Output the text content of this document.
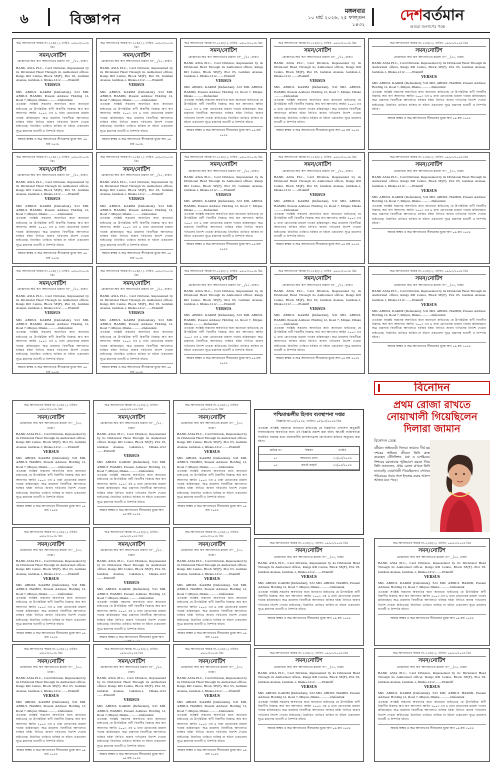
৬	বিজ্ঞাপন
মঙ্গলবার
১০ মার্চ ২০২৬, ২৫ ফাল্গুন ১৪৩২
দেশবর্তমান
আমরা জনগণের পক্ষে
অত্র আদালতের স্মারক নং-২৫৪/(১), তারিখ: ০৯/০৩/২০২৬ খ্রিঃ
সমন/নোটিশ
মোকাদ্দমা অর্থ ঋণ আদালতের মামলা নং-__/২৫, ঢাকা।
BANK ASIA PLC., Card Division, Represented by its Divisional Head Through its Authorized officer, Rangs RD Centre, Block SE(F), Plot 03, Gulshan Avenue, Gulshan-1, Dhaka-1212 ........Plaintiff
VERSUS
MD. ABDUL KARIM (Defendant), S/O MD. ABDUL HAMID, Present Address: Holding 12, Road 7, Mirpur, Dhaka ............Defendant
এতদ্বারা সংশ্লিষ্ট সকলের অবগতির জন্য জানানো যাইতেছে যে উপরিউক্ত বাদী বিবাদীর বিরুদ্ধে অর্থ ঋণ আদালত আইন ২০০৩ এর ৬ ধারা মোতাবেক মামলা দায়ের করিয়াছেন। অত্র মামলায় বিবাদীকে আদালতে হাজির হইয়া লিখিত জবাব দাখিলের নির্দেশ দেওয়া যাইতেছে। নির্ধারিত তারিখে হাজির না হইলে একতরফা সূত্রে মামলার শুনানী ও নিষ্পত্তি হইবে।
আমার স্বাক্ষর ও অত্র আদালতের সীলমোহর যুক্তে অদ্য ০৯ মার্চ ২০২৬
অত্র আদালতের স্মারক নং-২৫৪/(১), তারিখ: ০৯/০৩/২০২৬ খ্রিঃ
সমন/নোটিশ
মোকাদ্দমা অর্থ ঋণ আদালতের মামলা নং-__/২৫, ঢাকা।
BANK ASIA PLC., Card Division, Represented by its Divisional Head Through its Authorized officer, Rangs RD Centre, Block SE(F), Plot 03, Gulshan Avenue, Gulshan-1, Dhaka-1212 ........Plaintiff
VERSUS
MD. ABDUL KARIM (Defendant), S/O MD. ABDUL HAMID, Present Address: Holding 12, Road 7, Mirpur, Dhaka ............Defendant
এতদ্বারা সংশ্লিষ্ট সকলের অবগতির জন্য জানানো যাইতেছে যে উপরিউক্ত বাদী বিবাদীর বিরুদ্ধে অর্থ ঋণ আদালত আইন ২০০৩ এর ৬ ধারা মোতাবেক মামলা দায়ের করিয়াছেন। অত্র মামলায় বিবাদীকে আদালতে হাজির হইয়া লিখিত জবাব দাখিলের নির্দেশ দেওয়া যাইতেছে। নির্ধারিত তারিখে হাজির না হইলে একতরফা সূত্রে মামলার শুনানী ও নিষ্পত্তি হইবে।
আমার স্বাক্ষর ও অত্র আদালতের সীলমোহর যুক্তে অদ্য ০৯ মার্চ ২০২৬
অত্র আদালতের স্মারক নং-২৫৪/(১), তারিখ: ০৯/০৩/২০২৬ খ্রিঃ
সমন/নোটিশ
মোকাদ্দমা অর্থ ঋণ আদালতের মামলা নং-__/২৫, ঢাকা।
BANK ASIA PLC., Card Division, Represented by its Divisional Head Through its Authorized officer, Rangs RD Centre, Block SE(F), Plot 03, Gulshan Avenue, Gulshan-1, Dhaka-1212 ........Plaintiff
VERSUS
MD. ABDUL KARIM (Defendant), S/O MD. ABDUL HAMID, Present Address: Holding 12, Road 7, Mirpur, Dhaka ............Defendant
এতদ্বারা সংশ্লিষ্ট সকলের অবগতির জন্য জানানো যাইতেছে যে উপরিউক্ত বাদী বিবাদীর বিরুদ্ধে অর্থ ঋণ আদালত আইন ২০০৩ এর ৬ ধারা মোতাবেক মামলা দায়ের করিয়াছেন। অত্র মামলায় বিবাদীকে আদালতে হাজির হইয়া লিখিত জবাব দাখিলের নির্দেশ দেওয়া যাইতেছে। নির্ধারিত তারিখে হাজির না হইলে একতরফা সূত্রে মামলার শুনানী ও নিষ্পত্তি হইবে।
আমার স্বাক্ষর ও অত্র আদালতের সীলমোহর যুক্তে অদ্য ০৯ মার্চ ২০২৬
অত্র আদালতের স্মারক নং-২৫৪/(১), তারিখ: ০৯/০৩/২০২৬ খ্রিঃ
সমন/নোটিশ
মোকাদ্দমা অর্থ ঋণ আদালতের মামলা নং-__/২৫, ঢাকা।
BANK ASIA PLC., Card Division, Represented by its Divisional Head Through its Authorized officer, Rangs RD Centre, Block SE(F), Plot 03, Gulshan Avenue, Gulshan-1, Dhaka-1212 ........Plaintiff
VERSUS
MD. ABDUL KARIM (Defendant), S/O MD. ABDUL HAMID, Present Address: Holding 12, Road 7, Mirpur, Dhaka ............Defendant
এতদ্বারা সংশ্লিষ্ট সকলের অবগতির জন্য জানানো যাইতেছে যে উপরিউক্ত বাদী বিবাদীর বিরুদ্ধে অর্থ ঋণ আদালত আইন ২০০৩ এর ৬ ধারা মোতাবেক মামলা দায়ের করিয়াছেন। অত্র মামলায় বিবাদীকে আদালতে হাজির হইয়া লিখিত জবাব দাখিলের নির্দেশ দেওয়া যাইতেছে। নির্ধারিত তারিখে হাজির না হইলে একতরফা সূত্রে মামলার শুনানী ও নিষ্পত্তি হইবে।
আমার স্বাক্ষর ও অত্র আদালতের সীলমোহর যুক্তে অদ্য ০৯ মার্চ ২০২৬
অত্র আদালতের স্মারক নং-২৫৪/(১), তারিখ: ০৯/০৩/২০২৬ খ্রিঃ
সমন/নোটিশ
মোকাদ্দমা অর্থ ঋণ আদালতের মামলা নং-__/২৫, ঢাকা।
BANK ASIA PLC., Card Division, Represented by its Divisional Head Through its Authorized officer, Rangs RD Centre, Block SE(F), Plot 03, Gulshan Avenue, Gulshan-1, Dhaka-1212 ........Plaintiff
VERSUS
MD. ABDUL KARIM (Defendant), S/O MD. ABDUL HAMID, Present Address: Holding 12, Road 7, Mirpur, Dhaka ............Defendant
এতদ্বারা সংশ্লিষ্ট সকলের অবগতির জন্য জানানো যাইতেছে যে উপরিউক্ত বাদী বিবাদীর বিরুদ্ধে অর্থ ঋণ আদালত আইন ২০০৩ এর ৬ ধারা মোতাবেক মামলা দায়ের করিয়াছেন। অত্র মামলায় বিবাদীকে আদালতে হাজির হইয়া লিখিত জবাব দাখিলের নির্দেশ দেওয়া যাইতেছে। নির্ধারিত তারিখে হাজির না হইলে একতরফা সূত্রে মামলার শুনানী ও নিষ্পত্তি হইবে।
আমার স্বাক্ষর ও অত্র আদালতের সীলমোহর যুক্তে অদ্য ০৯ মার্চ ২০২৬
অত্র আদালতের স্মারক নং-২৫৪/(১), তারিখ: ০৯/০৩/২০২৬ খ্রিঃ
সমন/নোটিশ
মোকাদ্দমা অর্থ ঋণ আদালতের মামলা নং-__/২৫, ঢাকা।
BANK ASIA PLC., Card Division, Represented by its Divisional Head Through its Authorized officer, Rangs RD Centre, Block SE(F), Plot 03, Gulshan Avenue, Gulshan-1, Dhaka-1212 ........Plaintiff
VERSUS
MD. ABDUL KARIM (Defendant), S/O MD. ABDUL HAMID, Present Address: Holding 12, Road 7, Mirpur, Dhaka ............Defendant
এতদ্বারা সংশ্লিষ্ট সকলের অবগতির জন্য জানানো যাইতেছে যে উপরিউক্ত বাদী বিবাদীর বিরুদ্ধে অর্থ ঋণ আদালত আইন ২০০৩ এর ৬ ধারা মোতাবেক মামলা দায়ের করিয়াছেন। অত্র মামলায় বিবাদীকে আদালতে হাজির হইয়া লিখিত জবাব দাখিলের নির্দেশ দেওয়া যাইতেছে। নির্ধারিত তারিখে হাজির না হইলে একতরফা সূত্রে মামলার শুনানী ও নিষ্পত্তি হইবে।
আমার স্বাক্ষর ও অত্র আদালতের সীলমোহর যুক্তে অদ্য ০৯ মার্চ ২০২৬
অত্র আদালতের স্মারক নং-২৫৪/(১), তারিখ: ০৯/০৩/২০২৬ খ্রিঃ
সমন/নোটিশ
মোকাদ্দমা অর্থ ঋণ আদালতের মামলা নং-__/২৫, ঢাকা।
BANK ASIA PLC., Card Division, Represented by its Divisional Head Through its Authorized officer, Rangs RD Centre, Block SE(F), Plot 03, Gulshan Avenue, Gulshan-1, Dhaka-1212 ........Plaintiff
VERSUS
MD. ABDUL KARIM (Defendant), S/O MD. ABDUL HAMID, Present Address: Holding 12, Road 7, Mirpur, Dhaka ............Defendant
এতদ্বারা সংশ্লিষ্ট সকলের অবগতির জন্য জানানো যাইতেছে যে উপরিউক্ত বাদী বিবাদীর বিরুদ্ধে অর্থ ঋণ আদালত আইন ২০০৩ এর ৬ ধারা মোতাবেক মামলা দায়ের করিয়াছেন। অত্র মামলায় বিবাদীকে আদালতে হাজির হইয়া লিখিত জবাব দাখিলের নির্দেশ দেওয়া যাইতেছে। নির্ধারিত তারিখে হাজির না হইলে একতরফা সূত্রে মামলার শুনানী ও নিষ্পত্তি হইবে।
আমার স্বাক্ষর ও অত্র আদালতের সীলমোহর যুক্তে অদ্য ০৯ মার্চ ২০২৬
অত্র আদালতের স্মারক নং-২৫৪/(১), তারিখ: ০৯/০৩/২০২৬ খ্রিঃ
সমন/নোটিশ
মোকাদ্দমা অর্থ ঋণ আদালতের মামলা নং-__/২৫, ঢাকা।
BANK ASIA PLC., Card Division, Represented by its Divisional Head Through its Authorized officer, Rangs RD Centre, Block SE(F), Plot 03, Gulshan Avenue, Gulshan-1, Dhaka-1212 ........Plaintiff
VERSUS
MD. ABDUL KARIM (Defendant), S/O MD. ABDUL HAMID, Present Address: Holding 12, Road 7, Mirpur, Dhaka ............Defendant
এতদ্বারা সংশ্লিষ্ট সকলের অবগতির জন্য জানানো যাইতেছে যে উপরিউক্ত বাদী বিবাদীর বিরুদ্ধে অর্থ ঋণ আদালত আইন ২০০৩ এর ৬ ধারা মোতাবেক মামলা দায়ের করিয়াছেন। অত্র মামলায় বিবাদীকে আদালতে হাজির হইয়া লিখিত জবাব দাখিলের নির্দেশ দেওয়া যাইতেছে। নির্ধারিত তারিখে হাজির না হইলে একতরফা সূত্রে মামলার শুনানী ও নিষ্পত্তি হইবে।
আমার স্বাক্ষর ও অত্র আদালতের সীলমোহর যুক্তে অদ্য ০৯ মার্চ ২০২৬
অত্র আদালতের স্মারক নং-২৫৪/(১), তারিখ: ০৯/০৩/২০২৬ খ্রিঃ
সমন/নোটিশ
মোকাদ্দমা অর্থ ঋণ আদালতের মামলা নং-__/২৫, ঢাকা।
BANK ASIA PLC., Card Division, Represented by its Divisional Head Through its Authorized officer, Rangs RD Centre, Block SE(F), Plot 03, Gulshan Avenue, Gulshan-1, Dhaka-1212 ........Plaintiff
VERSUS
MD. ABDUL KARIM (Defendant), S/O MD. ABDUL HAMID, Present Address: Holding 12, Road 7, Mirpur, Dhaka ............Defendant
এতদ্বারা সংশ্লিষ্ট সকলের অবগতির জন্য জানানো যাইতেছে যে উপরিউক্ত বাদী বিবাদীর বিরুদ্ধে অর্থ ঋণ আদালত আইন ২০০৩ এর ৬ ধারা মোতাবেক মামলা দায়ের করিয়াছেন। অত্র মামলায় বিবাদীকে আদালতে হাজির হইয়া লিখিত জবাব দাখিলের নির্দেশ দেওয়া যাইতেছে। নির্ধারিত তারিখে হাজির না হইলে একতরফা সূত্রে মামলার শুনানী ও নিষ্পত্তি হইবে।
আমার স্বাক্ষর ও অত্র আদালতের সীলমোহর যুক্তে অদ্য ০৯ মার্চ ২০২৬
অত্র আদালতের স্মারক নং-২৫৪/(১), তারিখ: ০৯/০৩/২০২৬ খ্রিঃ
সমন/নোটিশ
মোকাদ্দমা অর্থ ঋণ আদালতের মামলা নং-__/২৫, ঢাকা।
BANK ASIA PLC., Card Division, Represented by its Divisional Head Through its Authorized officer, Rangs RD Centre, Block SE(F), Plot 03, Gulshan Avenue, Gulshan-1, Dhaka-1212 ........Plaintiff
VERSUS
MD. ABDUL KARIM (Defendant), S/O MD. ABDUL HAMID, Present Address: Holding 12, Road 7, Mirpur, Dhaka ............Defendant
এতদ্বারা সংশ্লিষ্ট সকলের অবগতির জন্য জানানো যাইতেছে যে উপরিউক্ত বাদী বিবাদীর বিরুদ্ধে অর্থ ঋণ আদালত আইন ২০০৩ এর ৬ ধারা মোতাবেক মামলা দায়ের করিয়াছেন। অত্র মামলায় বিবাদীকে আদালতে হাজির হইয়া লিখিত জবাব দাখিলের নির্দেশ দেওয়া যাইতেছে। নির্ধারিত তারিখে হাজির না হইলে একতরফা সূত্রে মামলার শুনানী ও নিষ্পত্তি হইবে।
আমার স্বাক্ষর ও অত্র আদালতের সীলমোহর যুক্তে অদ্য ০৯ মার্চ ২০২৬
অত্র আদালতের স্মারক নং-২৫৪/(১), তারিখ: ০৯/০৩/২০২৬ খ্রিঃ
সমন/নোটিশ
মোকাদ্দমা অর্থ ঋণ আদালতের মামলা নং-__/২৫, ঢাকা।
BANK ASIA PLC., Card Division, Represented by its Divisional Head Through its Authorized officer, Rangs RD Centre, Block SE(F), Plot 03, Gulshan Avenue, Gulshan-1, Dhaka-1212 ........Plaintiff
VERSUS
MD. ABDUL KARIM (Defendant), S/O MD. ABDUL HAMID, Present Address: Holding 12, Road 7, Mirpur, Dhaka ............Defendant
এতদ্বারা সংশ্লিষ্ট সকলের অবগতির জন্য জানানো যাইতেছে যে উপরিউক্ত বাদী বিবাদীর বিরুদ্ধে অর্থ ঋণ আদালত আইন ২০০৩ এর ৬ ধারা মোতাবেক মামলা দায়ের করিয়াছেন। অত্র মামলায় বিবাদীকে আদালতে হাজির হইয়া লিখিত জবাব দাখিলের নির্দেশ দেওয়া যাইতেছে। নির্ধারিত তারিখে হাজির না হইলে একতরফা সূত্রে মামলার শুনানী ও নিষ্পত্তি হইবে।
আমার স্বাক্ষর ও অত্র আদালতের সীলমোহর যুক্তে অদ্য ০৯ মার্চ ২০২৬
অত্র আদালতের স্মারক নং-২৫৪/(১), তারিখ: ০৯/০৩/২০২৬ খ্রিঃ
সমন/নোটিশ
মোকাদ্দমা অর্থ ঋণ আদালতের মামলা নং-__/২৫, ঢাকা।
BANK ASIA PLC., Card Division, Represented by its Divisional Head Through its Authorized officer, Rangs RD Centre, Block SE(F), Plot 03, Gulshan Avenue, Gulshan-1, Dhaka-1212 ........Plaintiff
VERSUS
MD. ABDUL KARIM (Defendant), S/O MD. ABDUL HAMID, Present Address: Holding 12, Road 7, Mirpur, Dhaka ............Defendant
এতদ্বারা সংশ্লিষ্ট সকলের অবগতির জন্য জানানো যাইতেছে যে উপরিউক্ত বাদী বিবাদীর বিরুদ্ধে অর্থ ঋণ আদালত আইন ২০০৩ এর ৬ ধারা মোতাবেক মামলা দায়ের করিয়াছেন। অত্র মামলায় বিবাদীকে আদালতে হাজির হইয়া লিখিত জবাব দাখিলের নির্দেশ দেওয়া যাইতেছে। নির্ধারিত তারিখে হাজির না হইলে একতরফা সূত্রে মামলার শুনানী ও নিষ্পত্তি হইবে।
আমার স্বাক্ষর ও অত্র আদালতের সীলমোহর যুক্তে অদ্য ০৯ মার্চ ২০২৬
অত্র আদালতের স্মারক নং-২৫৪/(১), তারিখ: ০৯/০৩/২০২৬ খ্রিঃ
সমন/নোটিশ
মোকাদ্দমা অর্থ ঋণ আদালতের মামলা নং-__/২৫, ঢাকা।
BANK ASIA PLC., Card Division, Represented by its Divisional Head Through its Authorized officer, Rangs RD Centre, Block SE(F), Plot 03, Gulshan Avenue, Gulshan-1, Dhaka-1212 ........Plaintiff
VERSUS
MD. ABDUL KARIM (Defendant), S/O MD. ABDUL HAMID, Present Address: Holding 12, Road 7, Mirpur, Dhaka ............Defendant
এতদ্বারা সংশ্লিষ্ট সকলের অবগতির জন্য জানানো যাইতেছে যে উপরিউক্ত বাদী বিবাদীর বিরুদ্ধে অর্থ ঋণ আদালত আইন ২০০৩ এর ৬ ধারা মোতাবেক মামলা দায়ের করিয়াছেন। অত্র মামলায় বিবাদীকে আদালতে হাজির হইয়া লিখিত জবাব দাখিলের নির্দেশ দেওয়া যাইতেছে। নির্ধারিত তারিখে হাজির না হইলে একতরফা সূত্রে মামলার শুনানী ও নিষ্পত্তি হইবে।
আমার স্বাক্ষর ও অত্র আদালতের সীলমোহর যুক্তে অদ্য ০৯ মার্চ ২০২৬
অত্র আদালতের স্মারক নং-২৫৪/(১), তারিখ: ০৯/০৩/২০২৬ খ্রিঃ
সমন/নোটিশ
মোকাদ্দমা অর্থ ঋণ আদালতের মামলা নং-__/২৫, ঢাকা।
BANK ASIA PLC., Card Division, Represented by its Divisional Head Through its Authorized officer, Rangs RD Centre, Block SE(F), Plot 03, Gulshan Avenue, Gulshan-1, Dhaka-1212 ........Plaintiff
VERSUS
MD. ABDUL KARIM (Defendant), S/O MD. ABDUL HAMID, Present Address: Holding 12, Road 7, Mirpur, Dhaka ............Defendant
এতদ্বারা সংশ্লিষ্ট সকলের অবগতির জন্য জানানো যাইতেছে যে উপরিউক্ত বাদী বিবাদীর বিরুদ্ধে অর্থ ঋণ আদালত আইন ২০০৩ এর ৬ ধারা মোতাবেক মামলা দায়ের করিয়াছেন। অত্র মামলায় বিবাদীকে আদালতে হাজির হইয়া লিখিত জবাব দাখিলের নির্দেশ দেওয়া যাইতেছে। নির্ধারিত তারিখে হাজির না হইলে একতরফা সূত্রে মামলার শুনানী ও নিষ্পত্তি হইবে।
আমার স্বাক্ষর ও অত্র আদালতের সীলমোহর যুক্তে অদ্য ০৯ মার্চ ২০২৬
অত্র আদালতের স্মারক নং-২৫৪/(১), তারিখ: ০৯/০৩/২০২৬ খ্রিঃ
সমন/নোটিশ
মোকাদ্দমা অর্থ ঋণ আদালতের মামলা নং-__/২৫, ঢাকা।
BANK ASIA PLC., Card Division, Represented by its Divisional Head Through its Authorized officer, Rangs RD Centre, Block SE(F), Plot 03, Gulshan Avenue, Gulshan-1, Dhaka-1212 ........Plaintiff
VERSUS
MD. ABDUL KARIM (Defendant), S/O MD. ABDUL HAMID, Present Address: Holding 12, Road 7, Mirpur, Dhaka ............Defendant
এতদ্বারা সংশ্লিষ্ট সকলের অবগতির জন্য জানানো যাইতেছে যে উপরিউক্ত বাদী বিবাদীর বিরুদ্ধে অর্থ ঋণ আদালত আইন ২০০৩ এর ৬ ধারা মোতাবেক মামলা দায়ের করিয়াছেন। অত্র মামলায় বিবাদীকে আদালতে হাজির হইয়া লিখিত জবাব দাখিলের নির্দেশ দেওয়া যাইতেছে। নির্ধারিত তারিখে হাজির না হইলে একতরফা সূত্রে মামলার শুনানী ও নিষ্পত্তি হইবে।
আমার স্বাক্ষর ও অত্র আদালতের সীলমোহর যুক্তে অদ্য ০৯ মার্চ ২০২৬
অত্র আদালতের স্মারক নং-২৫৪/(১), তারিখ: ০৯/০৩/২০২৬ খ্রিঃ
সমন/নোটিশ
মোকাদ্দমা অর্থ ঋণ আদালতের মামলা নং-__/২৫, ঢাকা।
BANK ASIA PLC., Card Division, Represented by its Divisional Head Through its Authorized officer, Rangs RD Centre, Block SE(F), Plot 03, Gulshan Avenue, Gulshan-1, Dhaka-1212 ........Plaintiff
VERSUS
MD. ABDUL KARIM (Defendant), S/O MD. ABDUL HAMID, Present Address: Holding 12, Road 7, Mirpur, Dhaka ............Defendant
এতদ্বারা সংশ্লিষ্ট সকলের অবগতির জন্য জানানো যাইতেছে যে উপরিউক্ত বাদী বিবাদীর বিরুদ্ধে অর্থ ঋণ আদালত আইন ২০০৩ এর ৬ ধারা মোতাবেক মামলা দায়ের করিয়াছেন। অত্র মামলায় বিবাদীকে আদালতে হাজির হইয়া লিখিত জবাব দাখিলের নির্দেশ দেওয়া যাইতেছে। নির্ধারিত তারিখে হাজির না হইলে একতরফা সূত্রে মামলার শুনানী ও নিষ্পত্তি হইবে।
আমার স্বাক্ষর ও অত্র আদালতের সীলমোহর যুক্তে অদ্য ০৯ মার্চ ২০২৬
অত্র আদালতের স্মারক নং-২৫৪/(১), তারিখ: ০৯/০৩/২০২৬ খ্রিঃ
সমন/নোটিশ
মোকাদ্দমা অর্থ ঋণ আদালতের মামলা নং-__/২৫, ঢাকা।
BANK ASIA PLC., Card Division, Represented by its Divisional Head Through its Authorized officer, Rangs RD Centre, Block SE(F), Plot 03, Gulshan Avenue, Gulshan-1, Dhaka-1212 ........Plaintiff
VERSUS
MD. ABDUL KARIM (Defendant), S/O MD. ABDUL HAMID, Present Address: Holding 12, Road 7, Mirpur, Dhaka ............Defendant
এতদ্বারা সংশ্লিষ্ট সকলের অবগতির জন্য জানানো যাইতেছে যে উপরিউক্ত বাদী বিবাদীর বিরুদ্ধে অর্থ ঋণ আদালত আইন ২০০৩ এর ৬ ধারা মোতাবেক মামলা দায়ের করিয়াছেন। অত্র মামলায় বিবাদীকে আদালতে হাজির হইয়া লিখিত জবাব দাখিলের নির্দেশ দেওয়া যাইতেছে। নির্ধারিত তারিখে হাজির না হইলে একতরফা সূত্রে মামলার শুনানী ও নিষ্পত্তি হইবে।
আমার স্বাক্ষর ও অত্র আদালতের সীলমোহর যুক্তে অদ্য ০৯ মার্চ ২০২৬
অত্র আদালতের স্মারক নং-২৫৪/(১), তারিখ: ০৯/০৩/২০২৬ খ্রিঃ
সমন/নোটিশ
মোকাদ্দমা অর্থ ঋণ আদালতের মামলা নং-__/২৫, ঢাকা।
BANK ASIA PLC., Card Division, Represented by its Divisional Head Through its Authorized officer, Rangs RD Centre, Block SE(F), Plot 03, Gulshan Avenue, Gulshan-1, Dhaka-1212 ........Plaintiff
VERSUS
MD. ABDUL KARIM (Defendant), S/O MD. ABDUL HAMID, Present Address: Holding 12, Road 7, Mirpur, Dhaka ............Defendant
এতদ্বারা সংশ্লিষ্ট সকলের অবগতির জন্য জানানো যাইতেছে যে উপরিউক্ত বাদী বিবাদীর বিরুদ্ধে অর্থ ঋণ আদালত আইন ২০০৩ এর ৬ ধারা মোতাবেক মামলা দায়ের করিয়াছেন। অত্র মামলায় বিবাদীকে আদালতে হাজির হইয়া লিখিত জবাব দাখিলের নির্দেশ দেওয়া যাইতেছে। নির্ধারিত তারিখে হাজির না হইলে একতরফা সূত্রে মামলার শুনানী ও নিষ্পত্তি হইবে।
আমার স্বাক্ষর ও অত্র আদালতের সীলমোহর যুক্তে অদ্য ০৯ মার্চ ২০২৬
অত্র আদালতের স্মারক নং-২৫৪/(১), তারিখ: ০৯/০৩/২০২৬ খ্রিঃ
সমন/নোটিশ
মোকাদ্দমা অর্থ ঋণ আদালতের মামলা নং-__/২৫, ঢাকা।
BANK ASIA PLC., Card Division, Represented by its Divisional Head Through its Authorized officer, Rangs RD Centre, Block SE(F), Plot 03, Gulshan Avenue, Gulshan-1, Dhaka-1212 ........Plaintiff
VERSUS
MD. ABDUL KARIM (Defendant), S/O MD. ABDUL HAMID, Present Address: Holding 12, Road 7, Mirpur, Dhaka ............Defendant
এতদ্বারা সংশ্লিষ্ট সকলের অবগতির জন্য জানানো যাইতেছে যে উপরিউক্ত বাদী বিবাদীর বিরুদ্ধে অর্থ ঋণ আদালত আইন ২০০৩ এর ৬ ধারা মোতাবেক মামলা দায়ের করিয়াছেন। অত্র মামলায় বিবাদীকে আদালতে হাজির হইয়া লিখিত জবাব দাখিলের নির্দেশ দেওয়া যাইতেছে। নির্ধারিত তারিখে হাজির না হইলে একতরফা সূত্রে মামলার শুনানী ও নিষ্পত্তি হইবে।
আমার স্বাক্ষর ও অত্র আদালতের সীলমোহর যুক্তে অদ্য ০৯ মার্চ ২০২৬
অত্র আদালতের স্মারক নং-২৫৪/(১), তারিখ: ০৯/০৩/২০২৬ খ্রিঃ
সমন/নোটিশ
মোকাদ্দমা অর্থ ঋণ আদালতের মামলা নং-__/২৫, ঢাকা।
BANK ASIA PLC., Card Division, Represented by its Divisional Head Through its Authorized officer, Rangs RD Centre, Block SE(F), Plot 03, Gulshan Avenue, Gulshan-1, Dhaka-1212 ........Plaintiff
VERSUS
MD. ABDUL KARIM (Defendant), S/O MD. ABDUL HAMID, Present Address: Holding 12, Road 7, Mirpur, Dhaka ............Defendant
এতদ্বারা সংশ্লিষ্ট সকলের অবগতির জন্য জানানো যাইতেছে যে উপরিউক্ত বাদী বিবাদীর বিরুদ্ধে অর্থ ঋণ আদালত আইন ২০০৩ এর ৬ ধারা মোতাবেক মামলা দায়ের করিয়াছেন। অত্র মামলায় বিবাদীকে আদালতে হাজির হইয়া লিখিত জবাব দাখিলের নির্দেশ দেওয়া যাইতেছে। নির্ধারিত তারিখে হাজির না হইলে একতরফা সূত্রে মামলার শুনানী ও নিষ্পত্তি হইবে।
আমার স্বাক্ষর ও অত্র আদালতের সীলমোহর যুক্তে অদ্য ০৯ মার্চ ২০২৬
অত্র আদালতের স্মারক নং-২৫৪/(১), তারিখ: ০৯/০৩/২০২৬ খ্রিঃ
সমন/নোটিশ
মোকাদ্দমা অর্থ ঋণ আদালতের মামলা নং-__/২৫, ঢাকা।
BANK ASIA PLC., Card Division, Represented by its Divisional Head Through its Authorized officer, Rangs RD Centre, Block SE(F), Plot 03, Gulshan Avenue, Gulshan-1, Dhaka-1212 ........Plaintiff
VERSUS
MD. ABDUL KARIM (Defendant), S/O MD. ABDUL HAMID, Present Address: Holding 12, Road 7, Mirpur, Dhaka ............Defendant
এতদ্বারা সংশ্লিষ্ট সকলের অবগতির জন্য জানানো যাইতেছে যে উপরিউক্ত বাদী বিবাদীর বিরুদ্ধে অর্থ ঋণ আদালত আইন ২০০৩ এর ৬ ধারা মোতাবেক মামলা দায়ের করিয়াছেন। অত্র মামলায় বিবাদীকে আদালতে হাজির হইয়া লিখিত জবাব দাখিলের নির্দেশ দেওয়া যাইতেছে। নির্ধারিত তারিখে হাজির না হইলে একতরফা সূত্রে মামলার শুনানী ও নিষ্পত্তি হইবে।
আমার স্বাক্ষর ও অত্র আদালতের সীলমোহর যুক্তে অদ্য ০৯ মার্চ ২০২৬
অত্র আদালতের স্মারক নং-২৫৪/(১), তারিখ: ০৯/০৩/২০২৬ খ্রিঃ
সমন/নোটিশ
মোকাদ্দমা অর্থ ঋণ আদালতের মামলা নং-__/২৫, ঢাকা।
BANK ASIA PLC., Card Division, Represented by its Divisional Head Through its Authorized officer, Rangs RD Centre, Block SE(F), Plot 03, Gulshan Avenue, Gulshan-1, Dhaka-1212 ........Plaintiff
VERSUS
MD. ABDUL KARIM (Defendant), S/O MD. ABDUL HAMID, Present Address: Holding 12, Road 7, Mirpur, Dhaka ............Defendant
এতদ্বারা সংশ্লিষ্ট সকলের অবগতির জন্য জানানো যাইতেছে যে উপরিউক্ত বাদী বিবাদীর বিরুদ্ধে অর্থ ঋণ আদালত আইন ২০০৩ এর ৬ ধারা মোতাবেক মামলা দায়ের করিয়াছেন। অত্র মামলায় বিবাদীকে আদালতে হাজির হইয়া লিখিত জবাব দাখিলের নির্দেশ দেওয়া যাইতেছে। নির্ধারিত তারিখে হাজির না হইলে একতরফা সূত্রে মামলার শুনানী ও নিষ্পত্তি হইবে।
আমার স্বাক্ষর ও অত্র আদালতের সীলমোহর যুক্তে অদ্য ০৯ মার্চ ২০২৬
অত্র আদালতের স্মারক নং-২৫৪/(১), তারিখ: ০৯/০৩/২০২৬ খ্রিঃ
সমন/নোটিশ
মোকাদ্দমা অর্থ ঋণ আদালতের মামলা নং-__/২৫, ঢাকা।
BANK ASIA PLC., Card Division, Represented by its Divisional Head Through its Authorized officer, Rangs RD Centre, Block SE(F), Plot 03, Gulshan Avenue, Gulshan-1, Dhaka-1212 ........Plaintiff
VERSUS
MD. ABDUL KARIM (Defendant), S/O MD. ABDUL HAMID, Present Address: Holding 12, Road 7, Mirpur, Dhaka ............Defendant
এতদ্বারা সংশ্লিষ্ট সকলের অবগতির জন্য জানানো যাইতেছে যে উপরিউক্ত বাদী বিবাদীর বিরুদ্ধে অর্থ ঋণ আদালত আইন ২০০৩ এর ৬ ধারা মোতাবেক মামলা দায়ের করিয়াছেন। অত্র মামলায় বিবাদীকে আদালতে হাজির হইয়া লিখিত জবাব দাখিলের নির্দেশ দেওয়া যাইতেছে। নির্ধারিত তারিখে হাজির না হইলে একতরফা সূত্রে মামলার শুনানী ও নিষ্পত্তি হইবে।
আমার স্বাক্ষর ও অত্র আদালতের সীলমোহর যুক্তে অদ্য ০৯ মার্চ ২০২৬
অত্র আদালতের স্মারক নং-২৫৪/(১), তারিখ: ০৯/০৩/২০২৬ খ্রিঃ
সমন/নোটিশ
মোকাদ্দমা অর্থ ঋণ আদালতের মামলা নং-__/২৫, ঢাকা।
BANK ASIA PLC., Card Division, Represented by its Divisional Head Through its Authorized officer, Rangs RD Centre, Block SE(F), Plot 03, Gulshan Avenue, Gulshan-1, Dhaka-1212 ........Plaintiff
VERSUS
MD. ABDUL KARIM (Defendant), S/O MD. ABDUL HAMID, Present Address: Holding 12, Road 7, Mirpur, Dhaka ............Defendant
এতদ্বারা সংশ্লিষ্ট সকলের অবগতির জন্য জানানো যাইতেছে যে উপরিউক্ত বাদী বিবাদীর বিরুদ্ধে অর্থ ঋণ আদালত আইন ২০০৩ এর ৬ ধারা মোতাবেক মামলা দায়ের করিয়াছেন। অত্র মামলায় বিবাদীকে আদালতে হাজির হইয়া লিখিত জবাব দাখিলের নির্দেশ দেওয়া যাইতেছে। নির্ধারিত তারিখে হাজির না হইলে একতরফা সূত্রে মামলার শুনানী ও নিষ্পত্তি হইবে।
আমার স্বাক্ষর ও অত্র আদালতের সীলমোহর যুক্তে অদ্য ০৯ মার্চ ২০২৬
অত্র আদালতের স্মারক নং-২৫৪/(১), তারিখ: ০৯/০৩/২০২৬ খ্রিঃ
সমন/নোটিশ
মোকাদ্দমা অর্থ ঋণ আদালতের মামলা নং-__/২৫, ঢাকা।
BANK ASIA PLC., Card Division, Represented by its Divisional Head Through its Authorized officer, Rangs RD Centre, Block SE(F), Plot 03, Gulshan Avenue, Gulshan-1, Dhaka-1212 ........Plaintiff
VERSUS
MD. ABDUL KARIM (Defendant), S/O MD. ABDUL HAMID, Present Address: Holding 12, Road 7, Mirpur, Dhaka ............Defendant
এতদ্বারা সংশ্লিষ্ট সকলের অবগতির জন্য জানানো যাইতেছে যে উপরিউক্ত বাদী বিবাদীর বিরুদ্ধে অর্থ ঋণ আদালত আইন ২০০৩ এর ৬ ধারা মোতাবেক মামলা দায়ের করিয়াছেন। অত্র মামলায় বিবাদীকে আদালতে হাজির হইয়া লিখিত জবাব দাখিলের নির্দেশ দেওয়া যাইতেছে। নির্ধারিত তারিখে হাজির না হইলে একতরফা সূত্রে মামলার শুনানী ও নিষ্পত্তি হইবে।
আমার স্বাক্ষর ও অত্র আদালতের সীলমোহর যুক্তে অদ্য ০৯ মার্চ ২০২৬
অত্র আদালতের স্মারক নং-২৫৪/(১), তারিখ: ০৯/০৩/২০২৬ খ্রিঃ
সমন/নোটিশ
মোকাদ্দমা অর্থ ঋণ আদালতের মামলা নং-__/২৫, ঢাকা।
BANK ASIA PLC., Card Division, Represented by its Divisional Head Through its Authorized officer, Rangs RD Centre, Block SE(F), Plot 03, Gulshan Avenue, Gulshan-1, Dhaka-1212 ........Plaintiff
VERSUS
MD. ABDUL KARIM (Defendant), S/O MD. ABDUL HAMID, Present Address: Holding 12, Road 7, Mirpur, Dhaka ............Defendant
এতদ্বারা সংশ্লিষ্ট সকলের অবগতির জন্য জানানো যাইতেছে যে উপরিউক্ত বাদী বিবাদীর বিরুদ্ধে অর্থ ঋণ আদালত আইন ২০০৩ এর ৬ ধারা মোতাবেক মামলা দায়ের করিয়াছেন। অত্র মামলায় বিবাদীকে আদালতে হাজির হইয়া লিখিত জবাব দাখিলের নির্দেশ দেওয়া যাইতেছে। নির্ধারিত তারিখে হাজির না হইলে একতরফা সূত্রে মামলার শুনানী ও নিষ্পত্তি হইবে।
আমার স্বাক্ষর ও অত্র আদালতের সীলমোহর যুক্তে অদ্য ০৯ মার্চ ২০২৬
অত্র আদালতের স্মারক নং-২৫৪/(১), তারিখ: ০৯/০৩/২০২৬ খ্রিঃ
সমন/নোটিশ
মোকাদ্দমা অর্থ ঋণ আদালতের মামলা নং-__/২৫, ঢাকা।
BANK ASIA PLC., Card Division, Represented by its Divisional Head Through its Authorized officer, Rangs RD Centre, Block SE(F), Plot 03, Gulshan Avenue, Gulshan-1, Dhaka-1212 ........Plaintiff
VERSUS
MD. ABDUL KARIM (Defendant), S/O MD. ABDUL HAMID, Present Address: Holding 12, Road 7, Mirpur, Dhaka ............Defendant
এতদ্বারা সংশ্লিষ্ট সকলের অবগতির জন্য জানানো যাইতেছে যে উপরিউক্ত বাদী বিবাদীর বিরুদ্ধে অর্থ ঋণ আদালত আইন ২০০৩ এর ৬ ধারা মোতাবেক মামলা দায়ের করিয়াছেন। অত্র মামলায় বিবাদীকে আদালতে হাজির হইয়া লিখিত জবাব দাখিলের নির্দেশ দেওয়া যাইতেছে। নির্ধারিত তারিখে হাজির না হইলে একতরফা সূত্রে মামলার শুনানী ও নিষ্পত্তি হইবে।
আমার স্বাক্ষর ও অত্র আদালতের সীলমোহর যুক্তে অদ্য ০৯ মার্চ ২০২৬
অত্র আদালতের স্মারক নং-২৫৪/(১), তারিখ: ০৯/০৩/২০২৬ খ্রিঃ
সমন/নোটিশ
মোকাদ্দমা অর্থ ঋণ আদালতের মামলা নং-__/২৫, ঢাকা।
BANK ASIA PLC., Card Division, Represented by its Divisional Head Through its Authorized officer, Rangs RD Centre, Block SE(F), Plot 03, Gulshan Avenue, Gulshan-1, Dhaka-1212 ........Plaintiff
VERSUS
MD. ABDUL KARIM (Defendant), S/O MD. ABDUL HAMID, Present Address: Holding 12, Road 7, Mirpur, Dhaka ............Defendant
এতদ্বারা সংশ্লিষ্ট সকলের অবগতির জন্য জানানো যাইতেছে যে উপরিউক্ত বাদী বিবাদীর বিরুদ্ধে অর্থ ঋণ আদালত আইন ২০০৩ এর ৬ ধারা মোতাবেক মামলা দায়ের করিয়াছেন। অত্র মামলায় বিবাদীকে আদালতে হাজির হইয়া লিখিত জবাব দাখিলের নির্দেশ দেওয়া যাইতেছে। নির্ধারিত তারিখে হাজির না হইলে একতরফা সূত্রে মামলার শুনানী ও নিষ্পত্তি হইবে।
আমার স্বাক্ষর ও অত্র আদালতের সীলমোহর যুক্তে অদ্য ০৯ মার্চ ২০২৬
বিনোদন
পশ্চিমাঞ্চলীয় হিসাব ব্যবস্থাপনা দপ্তর
বিজ্ঞপ্তি নং-০৩/২০২৬, তারিখ: ০৮/০৩/২০২৬ খ্রিঃ
এতদ্বারা সংশ্লিষ্ট সকলকে জানানো যাইতেছে যে নিম্নবর্ণিত তফসিল অনুযায়ী সর্বসাধারণের অবগতির জন্য এই বিজ্ঞপ্তি প্রকাশ করা হইল। আগ্রহী ব্যক্তিবর্গকে নির্ধারিত সময়ের মধ্যে প্রয়োজনীয় কাগজপত্রসহ যোগাযোগ করিতে অনুরোধ করা হইল।
ক্রমিক নং	বিবরণ	তারিখ
০১	আবেদন গ্রহণ	১৫/০৩/২০২৬
০২	যাচাই বাছাই	২২/০৩/২০২৬
প্রথম রোজা রাখতে নোয়াখালী গিয়েছিলেন দিলারা জামান
বিনোদন ডেস্ক
বর্ষীয়ান অভিনেত্রী দিলারা জামান। দীর্ঘ ছয় দশকের অভিনয় জীবনে তিনি কাজ করেছেন টেলিভিশন, মঞ্চ ও চলচ্চিত্রে। শৈশবের রমজানের স্মৃতিচারণ করতে গিয়ে তিনি জানালেন, প্রথম রোজা রাখতে তিনি নানাবাড়ি নোয়াখালী গিয়েছিলেন। সেখানে পরিবারের সবার সঙ্গে ইফতার করার আনন্দ আজও মনে পড়ে।
